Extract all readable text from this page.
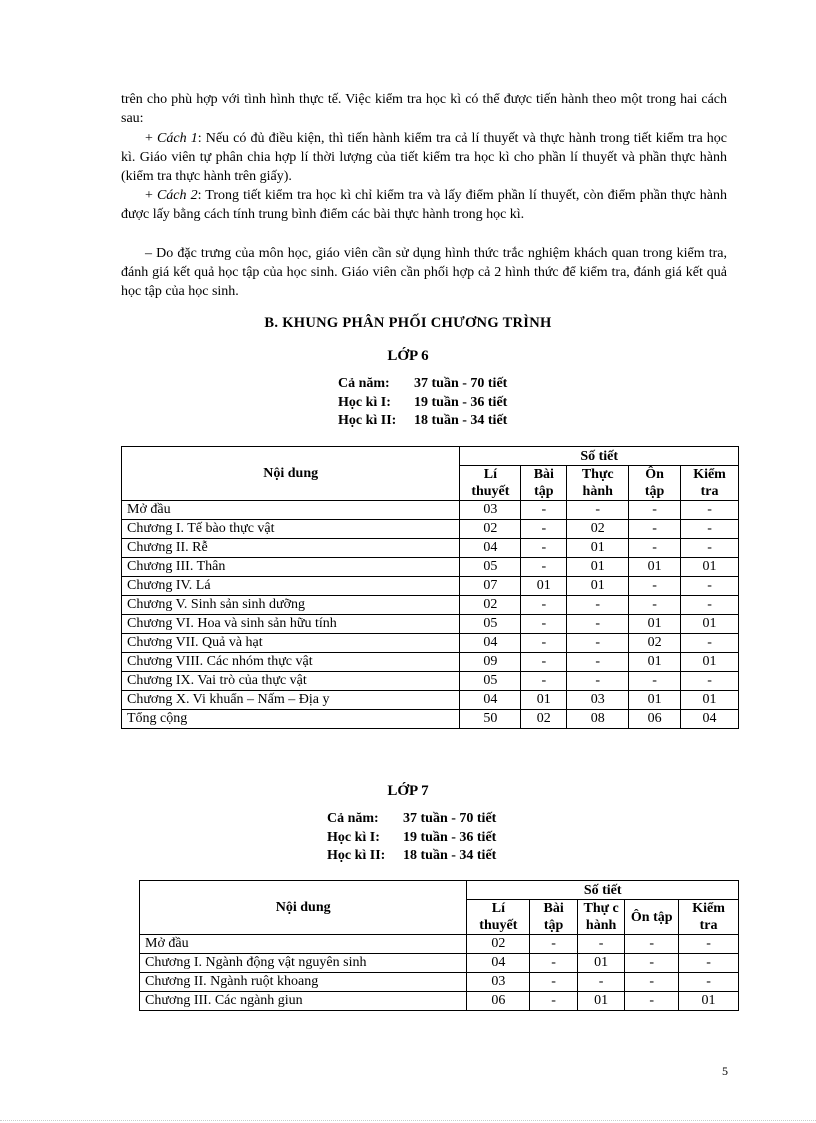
trên cho phù hợp với tình hình thực tế. Việc kiểm tra học kì có thể được tiến hành theo một trong hai cách sau:

+ Cách 1: Nếu có đủ điều kiện, thì tiến hành kiểm tra cả lí thuyết và thực hành trong tiết kiểm tra học kì. Giáo viên tự phân chia hợp lí thời lượng của tiết kiểm tra học kì cho phần lí thuyết và phần thực hành (kiểm tra thực hành trên giấy).

+ Cách 2: Trong tiết kiểm tra học kì chỉ kiểm tra và lấy điểm phần lí thuyết, còn điểm phần thực hành được lấy bằng cách tính trung bình điểm các bài thực hành trong học kì.

– Do đặc trưng của môn học, giáo viên cần sử dụng hình thức trắc nghiệm khách quan trong kiểm tra, đánh giá kết quả học tập của học sinh. Giáo viên cần phối hợp cả 2 hình thức để kiểm tra, đánh giá kết quả học tập của học sinh.

B. KHUNG PHÂN PHỐI CHƯƠNG TRÌNH

LỚP 6

Cả năm: 37 tuần - 70 tiết
Học kì I: 19 tuần - 36 tiết
Học kì II: 18 tuần - 34 tiết
Nội dung	Số tiết				
	Lí thuyết	Bài tập	Thực hành	Ôn tập	Kiểm tra
Mở đầu	03	-	-	-	-
Chương I. Tế bào thực vật	02	-	02	-	-
Chương II. Rễ	04	-	01	-	-
Chương III. Thân	05	-	01	01	01
Chương IV. Lá	07	01	01	-	-
Chương V. Sinh sản sinh dưỡng	02	-	-	-	-
Chương VI. Hoa và sinh sản hữu tính	05	-	-	01	01
Chương VII. Quả và hạt	04	-	-	02	-
Chương VIII. Các nhóm thực vật	09	-	-	01	01
Chương IX. Vai trò của thực vật	05	-	-	-	-
Chương X. Vi khuẩn – Nấm – Địa y	04	01	03	01	01
Tổng cộng	50	02	08	06	04

LỚP 7

Cả năm: 37 tuần - 70 tiết
Học kì I: 19 tuần - 36 tiết
Học kì II: 18 tuần - 34 tiết
Nội dung	Số tiết				
	Lí thuyết	Bài tập	Thự c hành	Ôn tập	Kiểm tra
Mở đầu	02	-	-	-	-
Chương I. Ngành động vật nguyên sinh	04	-	01	-	-
Chương II. Ngành ruột khoang	03	-	-	-	-
Chương III. Các ngành giun	06	-	01	-	01
5
